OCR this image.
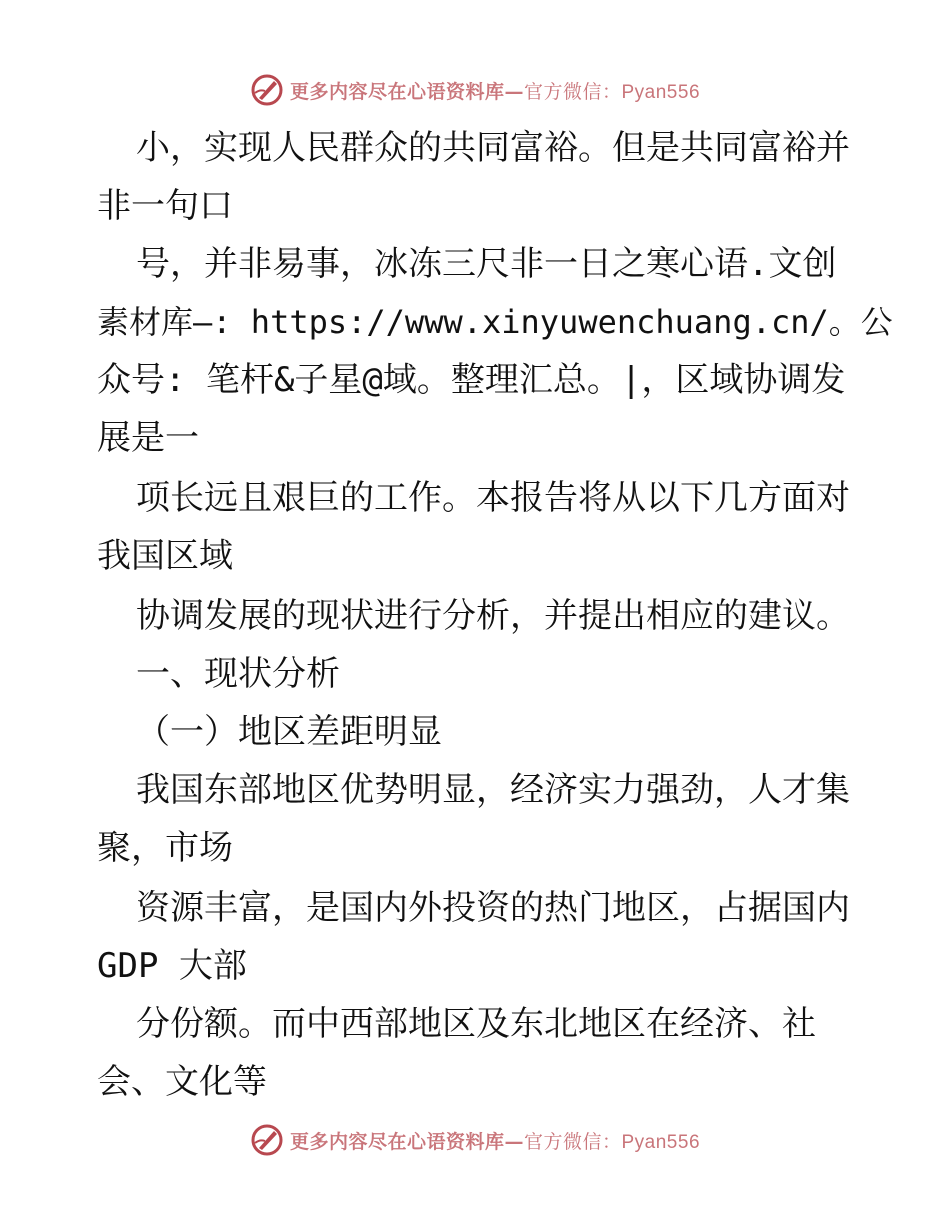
更多内容尽在心语资料库—官方微信：Pyan556
小，实现人民群众的共同富裕。但是共同富裕并
非一句口
号，并非易事，冰冻三尺非一日之寒心语.文创
素材库—: https://www.xinyuwenchuang.cn/。公
众号: 笔杆&子星@域。整理汇总。|，区域协调发
展是一
项长远且艰巨的工作。本报告将从以下几方面对
我国区域
协调发展的现状进行分析，并提出相应的建议。
一、现状分析
（一）地区差距明显
我国东部地区优势明显，经济实力强劲，人才集
聚，市场
资源丰富，是国内外投资的热门地区，占据国内
GDP 大部
分份额。而中西部地区及东北地区在经济、社
会、文化等
更多内容尽在心语资料库—官方微信：Pyan556
